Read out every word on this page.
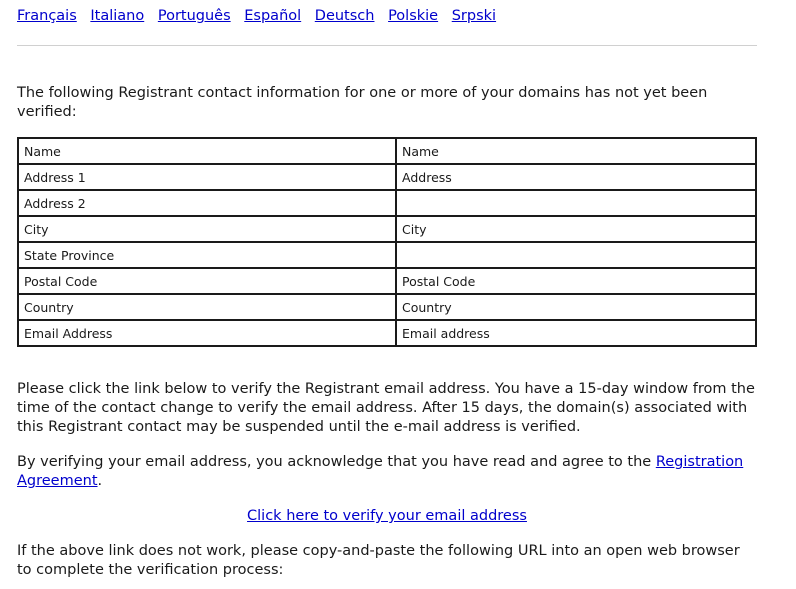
Français Italiano Português Español Deutsch Polskie Srpski

The following Registrant contact information for one or more of your domains has not yet been verified:

Name	Name
Address 1	Address
Address 2	
City	City
State Province	
Postal Code	Postal Code
Country	Country
Email Address	Email address

Please click the link below to verify the Registrant email address. You have a 15-day window from the time of the contact change to verify the email address. After 15 days, the domain(s) associated with this Registrant contact may be suspended until the e-mail address is verified.

By verifying your email address, you acknowledge that you have read and agree to the Registration Agreement.

Click here to verify your email address

If the above link does not work, please copy-and-paste the following URL into an open web browser to complete the verification process:
